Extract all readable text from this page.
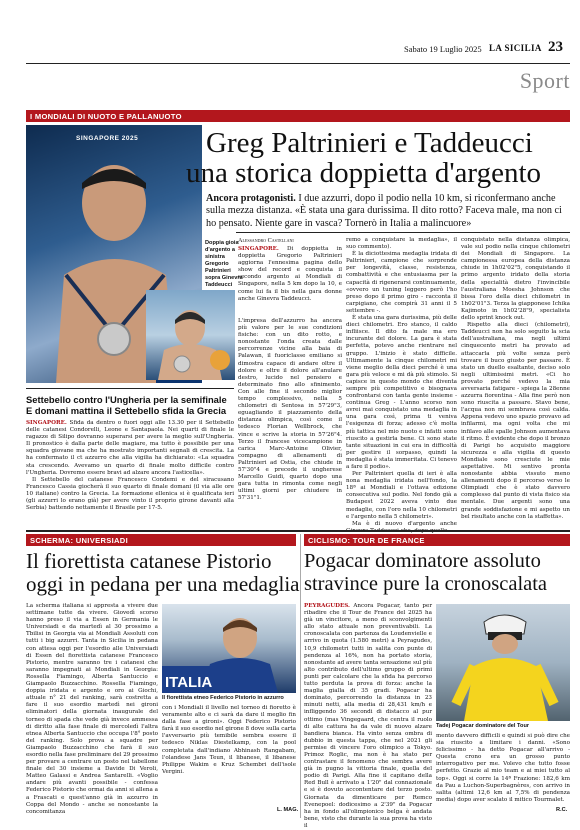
Sabato 19 Luglio 2025 LA SICILIA 23
Sport
I MONDIALI DI NUOTO E PALLANUOTO
SINGAPORE 2025
Doppia gioia d'argento a sinistra Gregorio Paltrinieri sopra Ginevra Taddeucci
Greg Paltrinieri e Taddeucci
una storica doppietta d'argento
Ancora protagonisti. I due azzurri, dopo il podio nella 10 km, si riconfermano anche sulla mezza distanza. «È stata una gara durissima. Il dito rotto? Faceva male, ma non ci ho pensato. Niente gare in vasca? Tornerò in Italia a malincuore»
Alessandro Castellani

SINGAPORE. Di doppietta in doppietta Gregorio Paltrinieri aggiorna l'ennesima pagina dello show del record e conquista il secondo argento ai Mondiali di Singapore, nella 5 km dopo la 10, e come lui fa il bis nella gara donne anche Ginevra Taddeucci.

L'impresa dell'azzurro ha ancora più valore per le sue condizioni fisiche: con un dito rotto, e nonostante l'onda creata dalle percorrenze vicine alla baia di Palawan, il fuoriclasse emiliano si dimostra capace di andare oltre il dolore e oltre il dolore all'anulare destro, lucido nel pensiero e determinato fino allo sfinimento. Con alle fine il secondo miglior tempo complessivo, nella 5 chilometri di Sentosa in 57'29"3, eguagliando il piazzamento della distanza olimpica, così come il tedesco Florian Wellbrock, che vince e scrive la storia in 57'26"4. Terzo il francese vicecampione in carica Marc-Antoine Olivier, compagno di allenamenti di Paltrinieri ad Ostia, che chiude in 57'30"4 e precede il ungherese Marcello Guidi, quarto dopo una gara tutta in rimonta come negli ultimi giorni per chiudere in 57'31"1.

remo a conquistare la medaglia», il suo commento).

È la diciottesima medaglia iridata di Paltrinieri, campione che sorprende per longevità, classe, resistenza, combattività e che entusiasma per la capacità di rigenerarsi continuamente, «ovvero un tuning leggero però l'ho preso dopo il primo giro - racconta il carpigiano, che compirà 31 anni il 5 settembre -.

È stata una gara durissima, più delle dieci chilometri. Ero stanco, il caldo infliisce. Il dito fa male ma ero incurante del dolore. La gara è stata perfetta, potevo anche rientrare nel gruppo. L'inizio è stato difficile. Ultimamente la cinque chilometri mi viene meglio della dieci perché è una gara più veloce e mi dà più stimolo. Si capisce in questo mondo che diventa sempre più competitivo e bisognava confrontarsi con tanta gente insieme - continua Greg - L'anno scorso non avrei mai conquistato una medaglia in una gara così, prima ti veniva l'esigenza di forza; adesso c'è molta più tattica nel mio nuoto e infatti sono riuscito a gestirla bene. Ci sono state tante situazioni in cui era in difficoltà per gestire il sorpasso, quindi la medaglia è stata immeritata. Ci tenevo a fare il podio».

Per Paltrinieri quella di ieri è alla nona medaglia iridata nell'fondo, la 18ª ai Mondiali e l'ottava edizione consecutiva sul podio. Nel fondo già a Budapest 2022 aveva vinto due medaglie, con l'oro nella 10 chilometri e l'argento nella 5 chilometri».

Ma è di nuovo d'argento anche

conquistato nella distanza olimpica, vale sul podio nella cinque chilometri dei Mondiali di Singapore. La campionessa europea della distanza chiude in 1h02'02"5, conquistando il primo argento iridato della storia della specialità dietro l'invincibile l'australiana Moesha Johnson che bissa l'oro della dieci chilometri in 1h02'01"3. Terza la giapponese Ichika Kajimoto in 1h02'28"9, specialista dello sprint knock out.

Rispetto alla dieci (chilometri), Taddeucci non ha solo seguito la scia dell'australiana, ma negli ultimi cinquecento metri ha provato ad attaccarla più volte senza però trovare il buco giusto per passare. È stato un duello esaltante, deciso solo negli ultimissimi metri. «Ci ho provato perché vedevo la mia avversaria fatigare - spiega la 28enne azzurra fiorentina - Alla fine però non sono riuscita a passare. Stavo bene, l'acqua non mi sembrava così calda. Appena vedevo uno spazio provavo ad infilarmi, ma ogni volta che mi infilavo alle spalle Johnson aumentava il ritmo. È evidente che dopo il bronzo di Parigi ho acquisito maggiore sicurezza e alla vigilia di questo Mondiale sono cresciute le mie aspettative. Mi sentivo pronta nonostante abbia vissuto meno allenamenti dopo il percorso verso le Olimpiadi che è stato davvero complesso dal punto di vista fisico sia mentale. Due argenti sono una grande soddisfazione e mi aspetto un bel risultato anche con la staffetta».

Settebello contro l'Ungheria per la semifinale
E domani mattina il Settebello sfida la Grecia

SINGAPORE. Sfida da dentro o fuori oggi alle 13.30 per il Settebello delle catanesi Condorelli, Leone e Santapaola. Nei quarti di finale le ragazze di Silipo dovranno superarsi per avere la meglio sull'Ungheria. Il pronostico è dalla parte delle magiare, ma tutto è possibile per una squadra giovane ma che ha mostrato importanti segnali di crescita. La ha confermato il ct azzurro che alla vigilia ha dichiarato: «La squadra sta crescendo. Avevamo un quarto di finale molto difficile contro l'Ungheria. Dovremo essere bravi ad alzare ancora l'asticella».

Il Settebello del catanese Francesco Condemi e del siracusano Francesco Cassia giocherà il suo quarto di finale domani (il via alle ore 10 italiane) contro la Grecia. La formazione ellenica si è qualificata ieri (gli azzurri lo erano già) per avere vinto il proprio girone davanti alla Serbia) battendo nettamente il Brasile per 17-5.

SCHERMA: UNIVERSIADI
Il fiorettista catanese Pistorio
oggi in pedana per una medaglia
La scherma italiana si appresta a vivere due settimane tutte da vivere. Giovedì scorso hanno preso il via a Essen in Germania le Universiadi e da martedì al 30 prossimo a Tbilisi in Georgia via ai Mondiali Assoluti con tutti i big azzurri. Tanta in Sicilia in pedana con attesa oggi per l'esordio alle Universiadi di Essen del fiorettista catanese Francesco Pistorio, mentre saranno tre i catanesi che saranno impegnati ai Mondiali in Georgia: Rossella Fiamingo, Alberta Santuccio e Giampaolo Buzzacchino. Rossella Fiamingo, doppia iridata e argento e oro ai Giochi, attuale n° 21 del ranking, sarà costretta a fare il suo esordio martedì nei gironi eliminatori della giornata inaugurale del torneo di spada che vede già invece ammessa di diritto alla fase finale di mercoledì l'altra etnea Alberta Santuccio che occupa l'8° posto del ranking. Solo prova a squadre per Giampaolo Buzzacchino che farà il suo esordio nella fase preliminare del 29 prossimo per provare a centrare un posto nel tabellone finale del 30 insieme a Davide Di Veroli, Matteo Galassi e Andrea Santarelli. «Voglio andare più avanti possibile - confessa Federico Pistorio che ormai da anni si allena a a Frascati e quest'anno già in azzurro in Coppa del Mondo - anche se nonostante la concomitanza
ITALIA
Il fiorettista etneo Federico Pistorio in azzurro
con i Mondiali il livello nel torneo di fioretto è veramente alto e ci sarà da dare il meglio fin dalla fase a gironi». Oggi Federico Pistorio farà il suo esordio nel girone 8 dove sulla carta l'avversario più temibile sembra essere il tedesco Niklas Diestelkamp, con la pool completata dall'indiano Abhinash Rangabam, l'olandese Jans Teun, il libanese, il libanese Philippe Wakim e Kruz Schembri dell'isole Vergini.
L. MAG.
CICLISMO: TOUR DE FRANCE
Pogacar dominatore assoluto
stravince pure la cronoscalata
PEYRAGUDES. Ancora Pogacar, tanto per ribadire che il Tour de France del 2025 ha già un vincitore, a meno di sconvolgimenti allo stato attuale non preventivabili. La cronoscalata con partenza da Loudenvielle e arrivo in quota (1.580 metri) a Peyragudes, 10,9 chilometri tutti in salita con punte di pendenza al 16%, non ha portato storia, nonostante ad avere tanta sensazione sul più alto contributo dell'ultimo gruppo di primi punti per calcolare che la sfida ha percorso tutto perduta la prova di forza: anche la maglia gialla di 35 gradi. Pogacar ha dominato, percorrendo la distanza in 23 minuti netti, alla media di 28,431 km/h e infliggendo 36 secondi di distacco al pur ottimo (mas Vingegaard, che centra il ruolo di alte cattura ha da vale di nuovo alzare bandiera bianca. Ha vinto senza ombra di dubbio in questa tappa, che nel 2021 gli permise di vincere l'oro olimpico a Tokyo. Primoz Roglic, ma non è ha stato per contrastare il fenomeno che sembra avere già in pugno la vittoria finale, quella del podio di Parigi. Alla fine il capitano della Red Bull è arrivato a 1'20" dal connazionale e si è dovuto accontentare del terzo posto. Giornata da dimenticare per Remco Evenepoel: dodicesimo a 2'39" da Pogacar ha in fondo all'olimpionico belga è andata bene, visto che durante la sua prova ha visto il
Tadej Pogacar dominatore del Tour
mento davvero difficili e quindi si può dire che sia riuscito a limitare i danni. «Sono felicissimo - ha detto Pogacar all'arrivo - Questa crono era un grosso punto interrogativo per me. Volevo che tutto fosse perfetto. Grazie al mio team e ai miei tutto al top». Oggi si corre la 14ª Frazione: 182,6 km da Pau a Luchon-Superbagnères, con arrivo in salita (altimi 12,6 km al 7,5% di pendenza media) dopo aver scalato il mitico Tourmalet.
R.C.
